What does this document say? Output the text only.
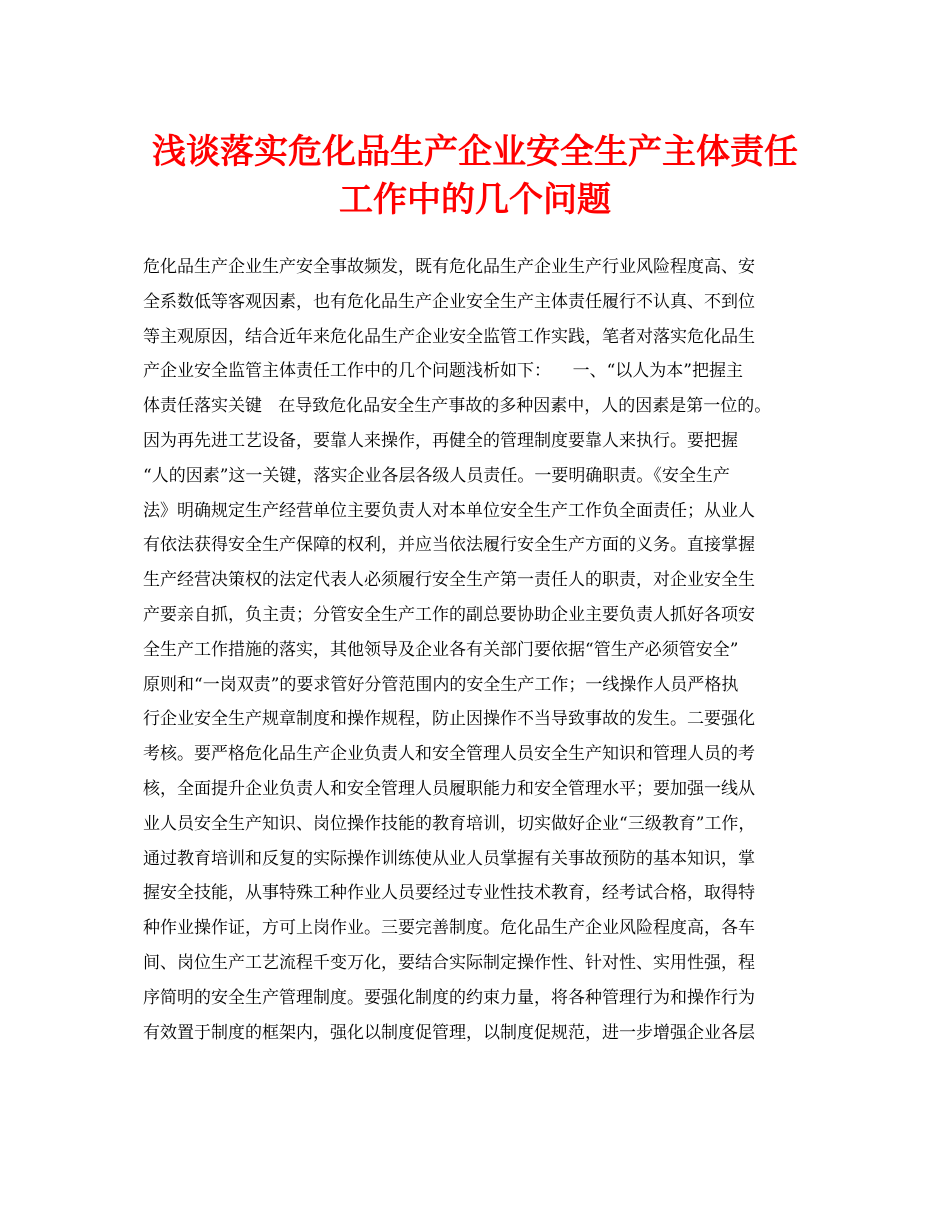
浅谈落实危化品生产企业安全生产主体责任
工作中的几个问题
危化品生产企业生产安全事故频发，既有危化品生产企业生产行业风险程度高、安
全系数低等客观因素，也有危化品生产企业安全生产主体责任履行不认真、不到位
等主观原因，结合近年来危化品生产企业安全监管工作实践，笔者对落实危化品生
产企业安全监管主体责任工作中的几个问题浅析如下：    一、“以人为本”把握主
体责任落实关键   在导致危化品安全生产事故的多种因素中，人的因素是第一位的。
因为再先进工艺设备，要靠人来操作，再健全的管理制度要靠人来执行。要把握
“人的因素”这一关键，落实企业各层各级人员责任。一要明确职责。《安全生产
法》明确规定生产经营单位主要负责人对本单位安全生产工作负全面责任；从业人
有依法获得安全生产保障的权利，并应当依法履行安全生产方面的义务。直接掌握
生产经营决策权的法定代表人必须履行安全生产第一责任人的职责，对企业安全生
产要亲自抓，负主责；分管安全生产工作的副总要协助企业主要负责人抓好各项安
全生产工作措施的落实，其他领导及企业各有关部门要依据“管生产必须管安全”
原则和“一岗双责”的要求管好分管范围内的安全生产工作；一线操作人员严格执
行企业安全生产规章制度和操作规程，防止因操作不当导致事故的发生。二要强化
考核。要严格危化品生产企业负责人和安全管理人员安全生产知识和管理人员的考
核，全面提升企业负责人和安全管理人员履职能力和安全管理水平；要加强一线从
业人员安全生产知识、岗位操作技能的教育培训，切实做好企业“三级教育”工作，
通过教育培训和反复的实际操作训练使从业人员掌握有关事故预防的基本知识，掌
握安全技能，从事特殊工种作业人员要经过专业性技术教育，经考试合格，取得特
种作业操作证，方可上岗作业。三要完善制度。危化品生产企业风险程度高，各车
间、岗位生产工艺流程千变万化，要结合实际制定操作性、针对性、实用性强，程
序简明的安全生产管理制度。要强化制度的约束力量，将各种管理行为和操作行为
有效置于制度的框架内，强化以制度促管理，以制度促规范，进一步增强企业各层
